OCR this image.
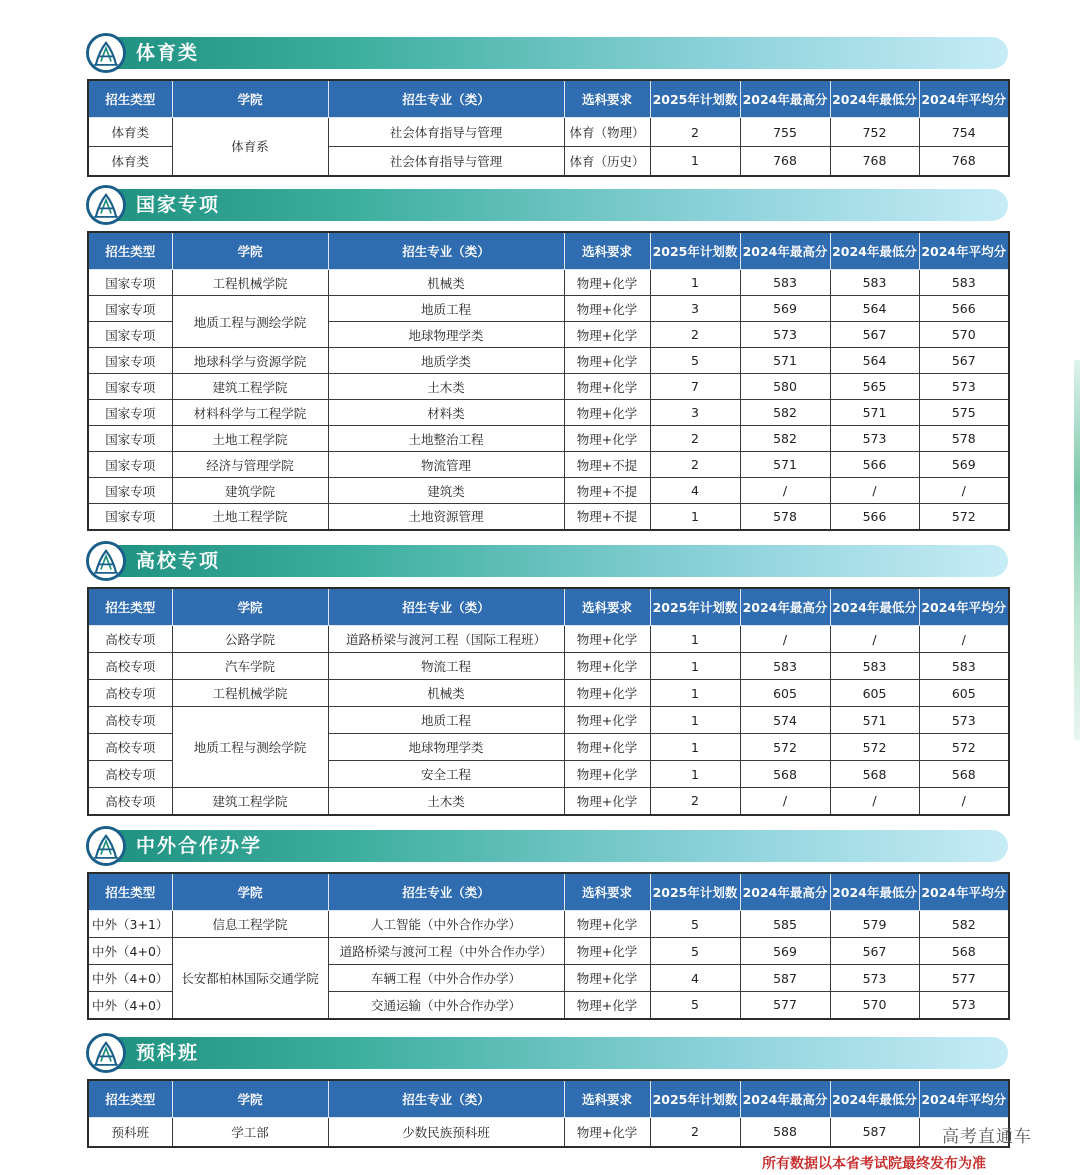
体育类
招生类型	学院	招生专业（类）	选科要求	2025年计划数	2024年最高分	2024年最低分	2024年平均分
体育类	体育系	社会体育指导与管理	体育（物理）	2	755	752	754
体育类		社会体育指导与管理	体育（历史）	1	768	768	768
国家专项
招生类型	学院	招生专业（类）	选科要求	2025年计划数	2024年最高分	2024年最低分	2024年平均分
国家专项	工程机械学院	机械类	物理+化学	1	583	583	583
国家专项	地质工程与测绘学院	地质工程	物理+化学	3	569	564	566
国家专项		地球物理学类	物理+化学	2	573	567	570
国家专项	地球科学与资源学院	地质学类	物理+化学	5	571	564	567
国家专项	建筑工程学院	土木类	物理+化学	7	580	565	573
国家专项	材料科学与工程学院	材料类	物理+化学	3	582	571	575
国家专项	土地工程学院	土地整治工程	物理+化学	2	582	573	578
国家专项	经济与管理学院	物流管理	物理+不提	2	571	566	569
国家专项	建筑学院	建筑类	物理+不提	4	/	/	/
国家专项	土地工程学院	土地资源管理	物理+不提	1	578	566	572
高校专项
招生类型	学院	招生专业（类）	选科要求	2025年计划数	2024年最高分	2024年最低分	2024年平均分
高校专项	公路学院	道路桥梁与渡河工程（国际工程班）	物理+化学	1	/	/	/
高校专项	汽车学院	物流工程	物理+化学	1	583	583	583
高校专项	工程机械学院	机械类	物理+化学	1	605	605	605
高校专项	地质工程与测绘学院	地质工程	物理+化学	1	574	571	573
高校专项		地球物理学类	物理+化学	1	572	572	572
高校专项		安全工程	物理+化学	1	568	568	568
高校专项	建筑工程学院	土木类	物理+化学	2	/	/	/
中外合作办学
招生类型	学院	招生专业（类）	选科要求	2025年计划数	2024年最高分	2024年最低分	2024年平均分
中外（3+1）	信息工程学院	人工智能（中外合作办学）	物理+化学	5	585	579	582
中外（4+0）	长安都柏林国际交通学院	道路桥梁与渡河工程（中外合作办学）	物理+化学	5	569	567	568
中外（4+0）		车辆工程（中外合作办学）	物理+化学	4	587	573	577
中外（4+0）		交通运输（中外合作办学）	物理+化学	5	577	570	573
预科班
招生类型	学院	招生专业（类）	选科要求	2025年计划数	2024年最高分	2024年最低分	2024年平均分
预科班	学工部	少数民族预科班	物理+化学	2	588	587		高考直通车
所有数据以本省考试院最终发布为准
